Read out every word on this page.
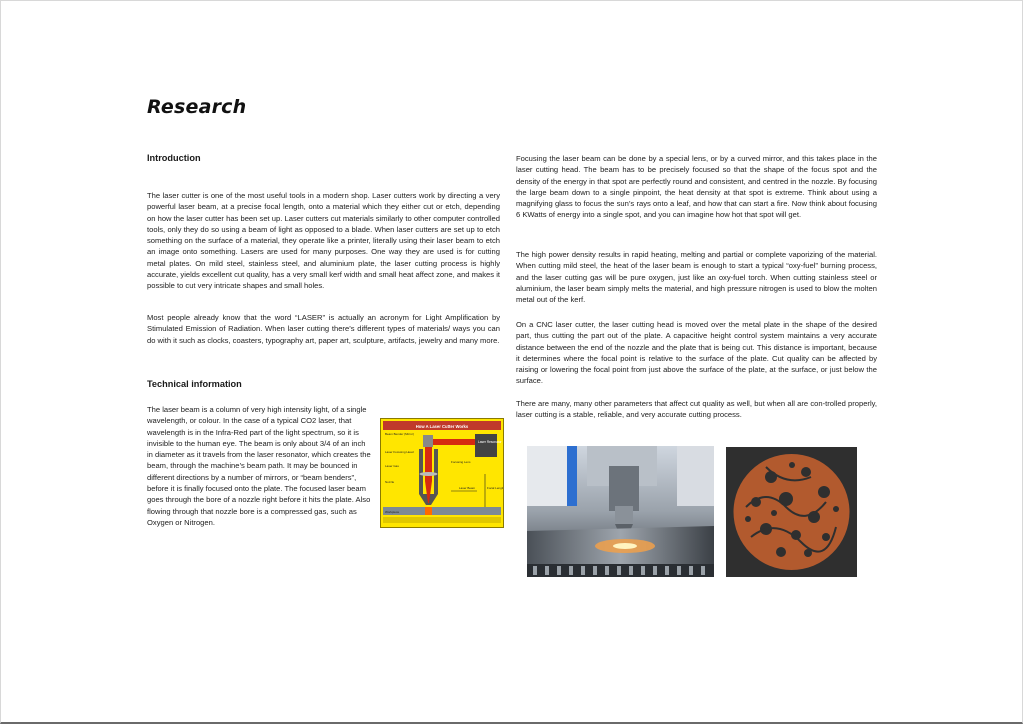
Research
Introduction

The laser cutter is one of the most useful tools in a modern shop. Laser cutters work by directing a very powerful laser beam, at a precise focal length, onto a material which they either cut or etch, depending on how the laser cutter has been set up. Laser cutters cut materials similarly to other computer controlled tools, only they do so using a beam of light as opposed to a blade. When laser cutters are set up to etch something on the surface of a material, they operate like a printer, literally using their laser beam to etch an image onto something. Lasers are used for many purposes. One way they are used is for cutting metal plates. On mild steel, stainless steel, and aluminium plate, the laser cutting process is highly accurate, yields excellent cut quality, has a very small kerf width and small heat affect zone, and makes it possible to cut very intricate shapes and small holes.

Most people already know that the word “LASER” is actually an acronym for Light Amplification by Stimulated Emission of Radiation. When laser cutting there’s different types of materials/ ways you can do with it such as clocks, coasters, typography art, paper art, sculpture, artifacts, jewelry and many more.

Technical information

The laser beam is a column of very high intensity light, of a single wavelength, or colour. In the case of a typical CO2 laser, that wavelength is in the Infra-Red part of the light spectrum, so it is invisible to the human eye. The beam is only about 3/4 of an inch in diameter as it travels from the laser resonator, which creates the beam, through the machine’s beam path. It may be bounced in different directions by a number of mirrors, or “beam benders”, before it is finally focused onto the plate. The focused laser beam goes through the bore of a nozzle right before it hits the plate. Also flowing through that nozzle bore is a compressed gas, such as Oxygen or Nitrogen.

How A Laser Cutter Works
Laser Resonator
Beam Bender (Mirror)
Laser Focusing Head
Laser Gas
Nozzle
Focusing Lens
Laser Beam	Focal Length
Workpiece

Focusing the laser beam can be done by a special lens, or by a curved mirror, and this takes place in the laser cutting head. The beam has to be precisely focused so that the shape of the focus spot and the density of the energy in that spot are perfectly round and consistent, and centred in the nozzle. By focusing the large beam down to a single pinpoint, the heat density at that spot is extreme. Think about using a magnifying glass to focus the sun’s rays onto a leaf, and how that can start a fire. Now think about focusing 6 KWatts of energy into a single spot, and you can imagine how hot that spot will get.

The high power density results in rapid heating, melting and partial or complete vaporizing of the material. When cutting mild steel, the heat of the laser beam is enough to start a typical “oxy-fuel” burning process, and the laser cutting gas will be pure oxygen, just like an oxy-fuel torch. When cutting stainless steel or aluminium, the laser beam simply melts the material, and high pressure nitrogen is used to blow the molten metal out of the kerf.

On a CNC laser cutter, the laser cutting head is moved over the metal plate in the shape of the desired part, thus cutting the part out of the plate. A capacitive height control system maintains a very accurate distance between the end of the nozzle and the plate that is being cut. This distance is important, because it determines where the focal point is relative to the surface of the plate. Cut quality can be affected by raising or lowering the focal point from just above the surface of the plate, at the surface, or just below the surface.

There are many, many other parameters that affect cut quality as well, but when all are con-trolled properly, laser cutting is a stable, reliable, and very accurate cutting process.
